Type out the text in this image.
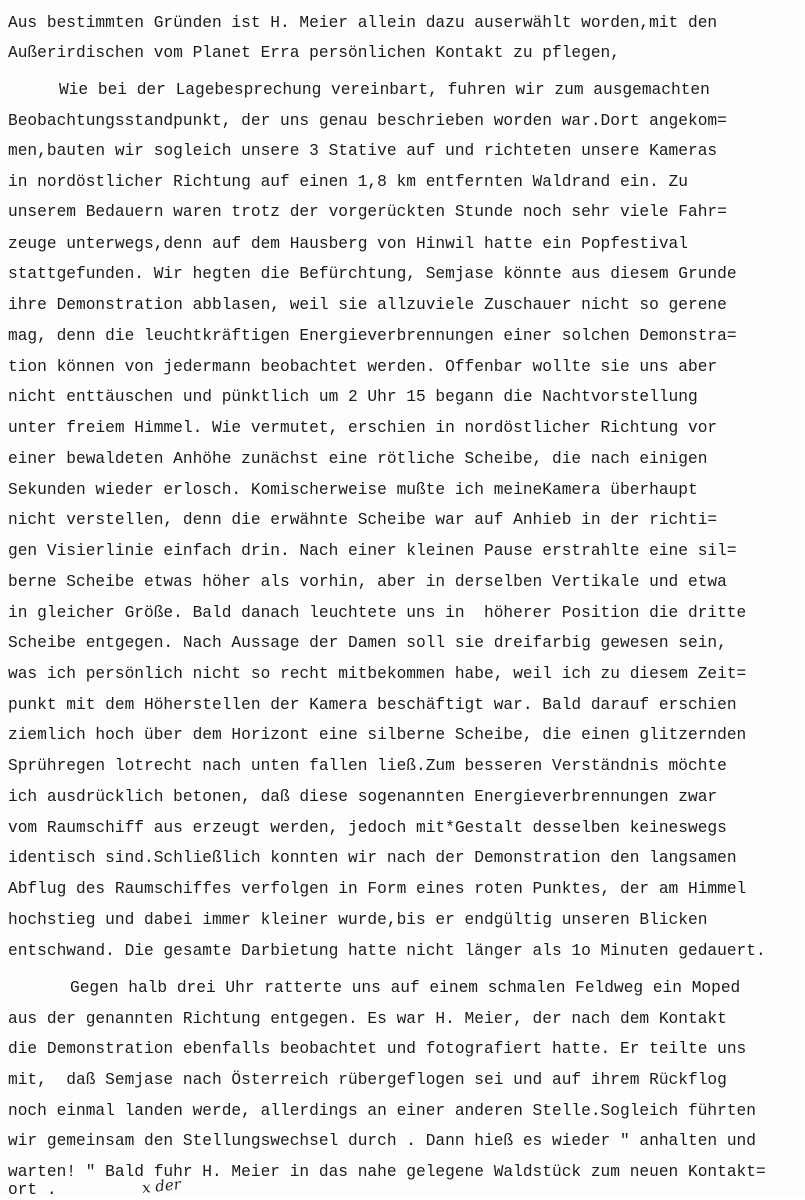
Aus bestimmten Gründen ist H. Meier allein dazu auserwählt worden,mit den
Außerirdischen vom Planet Erra persönlichen Kontakt zu pflegen,
Wie bei der Lagebesprechung vereinbart, fuhren wir zum ausgemachten
Beobachtungsstandpunkt, der uns genau beschrieben worden war.Dort angekom=
men,bauten wir sogleich unsere 3 Stative auf und richteten unsere Kameras
in nordöstlicher Richtung auf einen 1,8 km entfernten Waldrand ein. Zu
unserem Bedauern waren trotz der vorgerückten Stunde noch sehr viele Fahr=
zeuge unterwegs,denn auf dem Hausberg von Hinwil hatte ein Popfestival
stattgefunden. Wir hegten die Befürchtung, Semjase könnte aus diesem Grunde
ihre Demonstration abblasen, weil sie allzuviele Zuschauer nicht so gerene
mag, denn die leuchtkräftigen Energieverbrennungen einer solchen Demonstra=
tion können von jedermann beobachtet werden. Offenbar wollte sie uns aber
nicht enttäuschen und pünktlich um 2 Uhr 15 begann die Nachtvorstellung
unter freiem Himmel. Wie vermutet, erschien in nordöstlicher Richtung vor
einer bewaldeten Anhöhe zunächst eine rötliche Scheibe, die nach einigen
Sekunden wieder erlosch. Komischerweise mußte ich meineKamera überhaupt
nicht verstellen, denn die erwähnte Scheibe war auf Anhieb in der richti=
gen Visierlinie einfach drin. Nach einer kleinen Pause erstrahlte eine sil=
berne Scheibe etwas höher als vorhin, aber in derselben Vertikale und etwa
in gleicher Größe. Bald danach leuchtete uns in  höherer Position die dritte
Scheibe entgegen. Nach Aussage der Damen soll sie dreifarbig gewesen sein,
was ich persönlich nicht so recht mitbekommen habe, weil ich zu diesem Zeit=
punkt mit dem Höherstellen der Kamera beschäftigt war. Bald darauf erschien
ziemlich hoch über dem Horizont eine silberne Scheibe, die einen glitzernden
Sprühregen lotrecht nach unten fallen ließ.Zum besseren Verständnis möchte
ich ausdrücklich betonen, daß diese sogenannten Energieverbrennungen zwar
vom Raumschiff aus erzeugt werden, jedoch mit*Gestalt desselben keineswegs
identisch sind.Schließlich konnten wir nach der Demonstration den langsamen
Abflug des Raumschiffes verfolgen in Form eines roten Punktes, der am Himmel
hochstieg und dabei immer kleiner wurde,bis er endgültig unseren Blicken
entschwand. Die gesamte Darbietung hatte nicht länger als 1o Minuten gedauert.
Gegen halb drei Uhr ratterte uns auf einem schmalen Feldweg ein Moped
aus der genannten Richtung entgegen. Es war H. Meier, der nach dem Kontakt
die Demonstration ebenfalls beobachtet und fotografiert hatte. Er teilte uns
mit,  daß Semjase nach Österreich rübergeflogen sei und auf ihrem Rückflog
noch einmal landen werde, allerdings an einer anderen Stelle.Sogleich führten
wir gemeinsam den Stellungswechsel durch . Dann hieß es wieder " anhalten und
warten! " Bald fuhr H. Meier in das nahe gelegene Waldstück zum neuen Kontakt=
ort .	x der
